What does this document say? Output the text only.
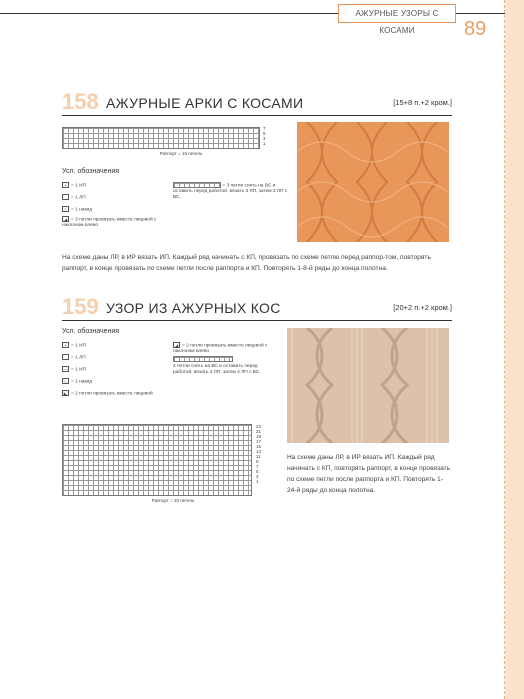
АЖУРНЫЕ УЗОРЫ С КОСАМИ	89
158 АЖУРНЫЕ АРКИ С КОСАМИ	[15+8 п.+2 кром.]
7
5
3
1
Раппорт = 15 петель
Усл. обозначения
• = 1 ИП
= 1 ЛП
○ = 1 накид
◢ = 3 петли провязать вместе лицевой с наклоном влево
= 3 петли снять на ВС и оставить перед работой, вязать 3 ЛП, затем 3 ЛП с ВС.
На схеме даны ЛР, в ИР вязать ИП. Каждый ряд начинать с КП, провязать по схеме петлю перед раппор-том, повторять раппорт, в конце провязать по схеме петли после раппорта и КП. Повторять 1-8-й ряды до конца полотна.
159 УЗОР ИЗ АЖУРНЫХ КОС	[20+2 п.+2 кром.]
Усл. обозначения
• = 1 ИП
= 1 ЛП
— = 1 ИП
○ = 1 накид
◣ = 2 петли провязать вместе лицевой
◢ = 2 петли провязать вместе лицевой с наклоном влево
4 петли снять на ВС и оставить перед работой, вязать 4 ЛП, затем 4 ЛП с ВС.
23
21
19
17
15
13
11
9
7
5
3
1
Раппорт = 20 петель
На схеме даны ЛР, в ИР вязать ИП. Каждый ряд начинать с КП, повторять раппорт, в конце провязать по схеме петли после раппорта и КП. Повторять 1-24-й ряды до конца полотна.
